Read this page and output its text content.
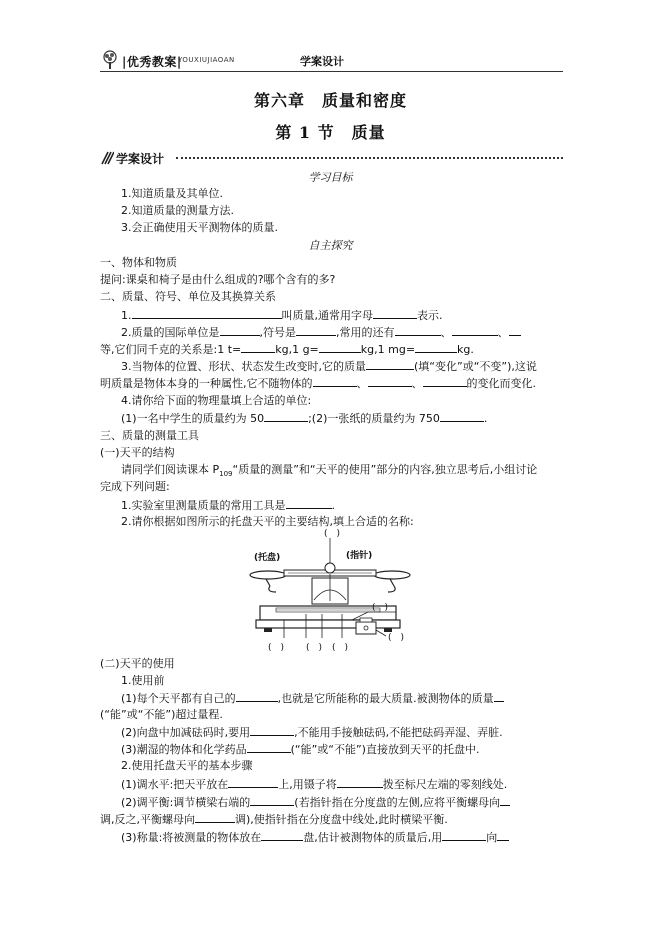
|优秀教案|
YOUXIUJIAOAN	学案设计
第六章　质量和密度
第 1 节　质量
学案设计
学习目标
1.知道质量及其单位.
2.知道质量的测量方法.
3.会正确使用天平测物体的质量.
自主探究
一、物体和物质
提问:课桌和椅子是由什么组成的?哪个含有的多?
二、质量、符号、单位及其换算关系
1.	叫质量,通常用字母	表示.
2.质量的国际单位是	,符号是	,常用的还有	、	、
等,它们同千克的关系是:1 t=	kg,1 g=	kg,1 mg=	kg.
3.当物体的位置、形状、状态发生改变时,它的质量	(填“变化”或“不变”),这说
明质量是物体本身的一种属性,它不随物体的	、	、	的变化而变化.
4.请你给下面的物理量填上合适的单位:
(1)一名中学生的质量约为 50	;(2)一张纸的质量约为 750	.
三、质量的测量工具
(一)天平的结构
请同学们阅读课本 $P_{109}“$质量的测量”和“天平的使用”部分的内容,独立思考后,小组讨论
完成下列问题:
1.实验室里测量质量的常用工具是	.
2.请你根据如图所示的托盘天平的主要结构,填上合适的名称:
(　)
(托盘)	(指针)
(　)
(　)
(　) (　) (　)
(二)天平的使用
1.使用前
(1)每个天平都有自己的	,也就是它所能称的最大质量.被测物体的质量
(“能”或“不能”)超过量程.
(2)向盘中加减砝码时,要用	,不能用手接触砝码,不能把砝码弄湿、弄脏.
(3)潮湿的物体和化学药品	(“能”或“不能”)直接放到天平的托盘中.
2.使用托盘天平的基本步骤
(1)调水平:把天平放在	上,用镊子将	拨至标尺左端的零刻线处.
(2)调平衡:调节横梁右端的	(若指针指在分度盘的左侧,应将平衡螺母向
调,反之,平衡螺母向	调),使指针指在分度盘中线处,此时横梁平衡.
(3)称量:将被测量的物体放在	盘,估计被测物体的质量后,用	向
